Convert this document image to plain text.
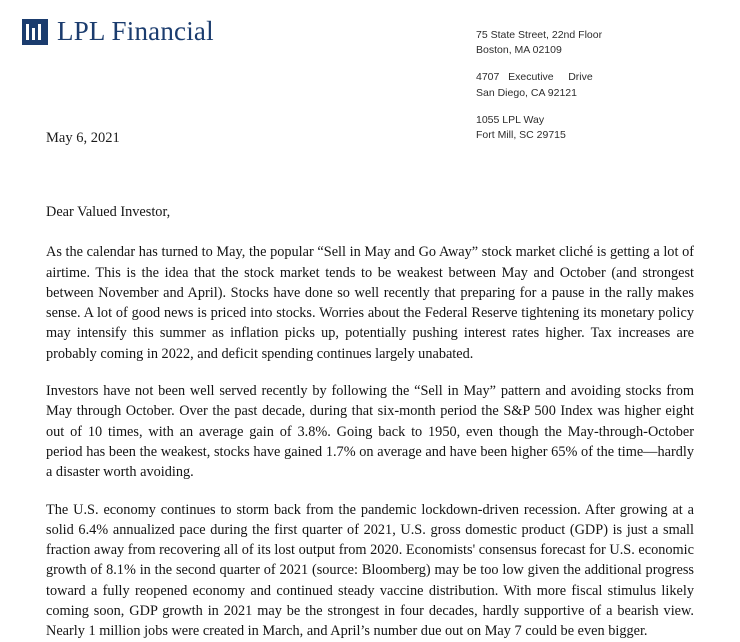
LPL Financial	75 State Street, 22nd Floor
Boston, MA 02109
4707   Executive     Drive
San Diego, CA 92121
1055 LPL Way
Fort Mill, SC 29715
May 6, 2021

Dear Valued Investor,

As the calendar has turned to May, the popular “Sell in May and Go Away” stock market cliché is getting a lot of airtime. This is the idea that the stock market tends to be weakest between May and October (and strongest between November and April). Stocks have done so well recently that preparing for a pause in the rally makes sense. A lot of good news is priced into stocks. Worries about the Federal Reserve tightening its monetary policy may intensify this summer as inflation picks up, potentially pushing interest rates higher. Tax increases are probably coming in 2022, and deficit spending continues largely unabated.

Investors have not been well served recently by following the “Sell in May” pattern and avoiding stocks from May through October. Over the past decade, during that six-month period the S&P 500 Index was higher eight out of 10 times, with an average gain of 3.8%. Going back to 1950, even though the May-through-October period has been the weakest, stocks have gained 1.7% on average and have been higher 65% of the time—hardly a disaster worth avoiding.

The U.S. economy continues to storm back from the pandemic lockdown-driven recession. After growing at a solid 6.4% annualized pace during the first quarter of 2021, U.S. gross domestic product (GDP) is just a small fraction away from recovering all of its lost output from 2020. Economists' consensus forecast for U.S. economic growth of 8.1% in the second quarter of 2021 (source: Bloomberg) may be too low given the additional progress toward a fully reopened economy and continued steady vaccine distribution. With more fiscal stimulus likely coming soon, GDP growth in 2021 may be the strongest in four decades, hardly supportive of a bearish view. Nearly 1 million jobs were created in March, and April’s number due out on May 7 could be even bigger.
